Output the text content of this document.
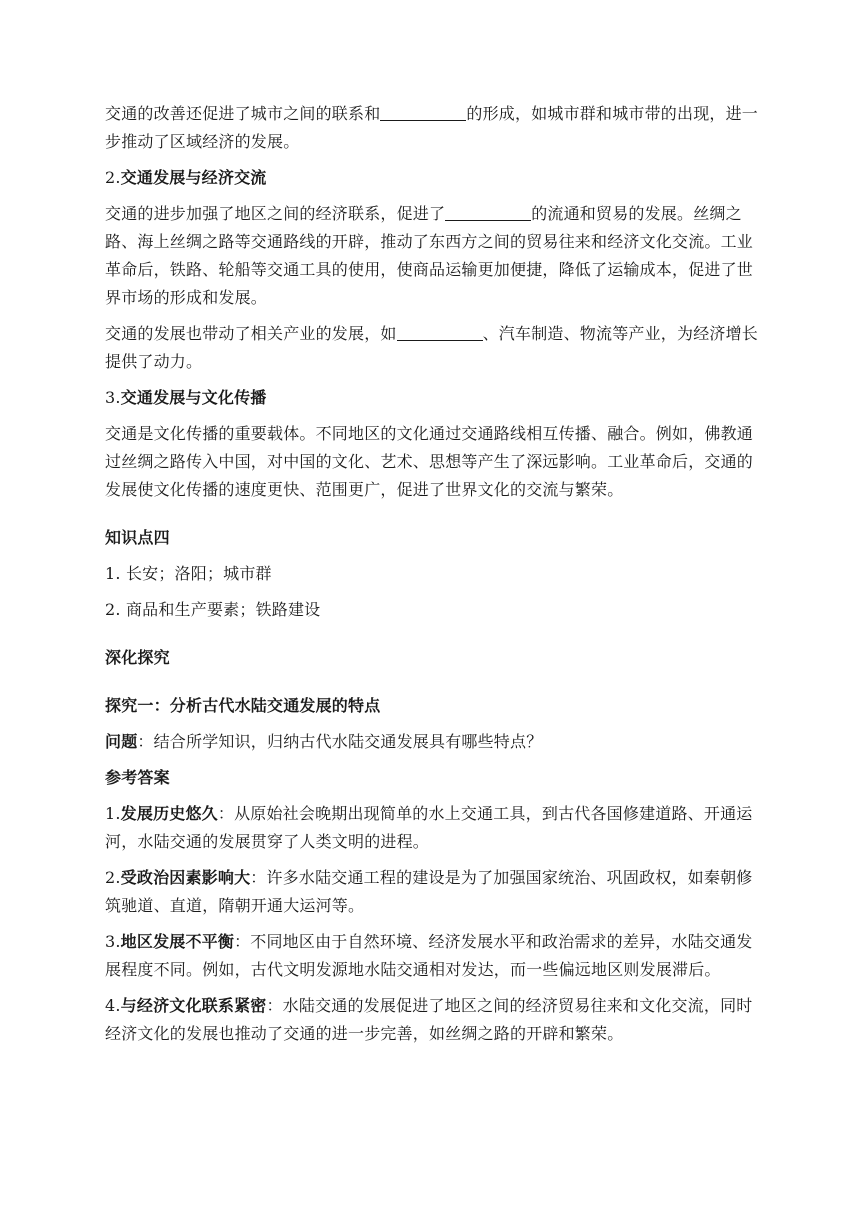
交通的改善还促进了城市之间的联系和	的形成，如城市群和城市带的出现，进一步推动了区域经济的发展。

2.交通发展与经济交流

交通的进步加强了地区之间的经济联系，促进了	的流通和贸易的发展。丝绸之路、海上丝绸之路等交通路线的开辟，推动了东西方之间的贸易往来和经济文化交流。工业革命后，铁路、轮船等交通工具的使用，使商品运输更加便捷，降低了运输成本，促进了世界市场的形成和发展。

交通的发展也带动了相关产业的发展，如	、汽车制造、物流等产业，为经济增长提供了动力。

3.交通发展与文化传播

交通是文化传播的重要载体。不同地区的文化通过交通路线相互传播、融合。例如，佛教通过丝绸之路传入中国，对中国的文化、艺术、思想等产生了深远影响。工业革命后，交通的发展使文化传播的速度更快、范围更广，促进了世界文化的交流与繁荣。

知识点四

1. 长安；洛阳；城市群

2. 商品和生产要素；铁路建设

深化探究

探究一：分析古代水陆交通发展的特点

问题：结合所学知识，归纳古代水陆交通发展具有哪些特点？

参考答案

1.发展历史悠久：从原始社会晚期出现简单的水上交通工具，到古代各国修建道路、开通运河，水陆交通的发展贯穿了人类文明的进程。

2.受政治因素影响大：许多水陆交通工程的建设是为了加强国家统治、巩固政权，如秦朝修筑驰道、直道，隋朝开通大运河等。

3.地区发展不平衡：不同地区由于自然环境、经济发展水平和政治需求的差异，水陆交通发展程度不同。例如，古代文明发源地水陆交通相对发达，而一些偏远地区则发展滞后。

4.与经济文化联系紧密：水陆交通的发展促进了地区之间的经济贸易往来和文化交流，同时经济文化的发展也推动了交通的进一步完善，如丝绸之路的开辟和繁荣。
